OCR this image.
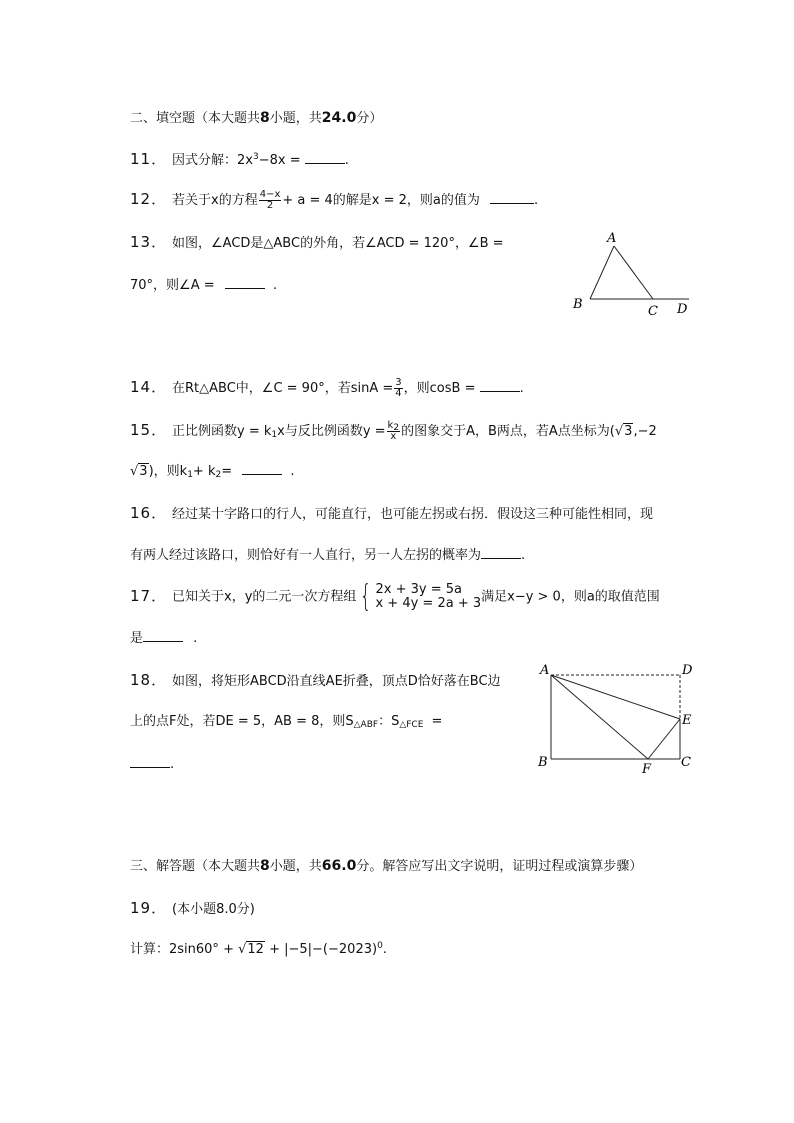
二、填空题（本大题共8小题，共24.0分）
11． 因式分解：$2x^3-8x$ =	.
12． 若关于x的方程 $\frac{4-x}{2} + a = 4$的解是x = 2，则a的值为	.
13． 如图，∠ACD是△ABC的外角，若∠ACD = 120°，∠B =
70°，则∠A =	.
A
B	C D
14． 在Rt△ABC中，∠C = 90°，若$\sin A = \frac{3}{4}$ ，则cosB =	.
15． 正比例函数$y = k_1x$与反比例函数$y = \frac{k_2}{x}$ 的图象交于A，B两点，若A点坐标为(√3,−2
√3)，则$k_1+ k_2=$	.
16． 经过某十字路口的行人，可能直行，也可能左拐或右拐．假设这三种可能性相同，现
有两人经过该路口，则恰好有一人直行，另一人左拐的概率为	.
17． 已知关于x，y的二元一次方程组 { 2x + 3y = 5a
x + 4y = 2a + 3 满足x−y > 0，则a的取值范围
是	.
18． 如图，将矩形ABCD沿直线AE折叠，顶点D恰好落在BC边
上的点F处，若DE = 5，AB = 8，则$S_{\triangle ABF}$：$S_{\triangle FCE}$ =
.
A	D
E
B	F C
三、解答题（本大题共8小题，共66.0分。解答应写出文字说明，证明过程或演算步骤）
19． (本小题8.0分)
计算：$2\sin 60^\circ + √12 + |-5|-(-2023)^0$.
